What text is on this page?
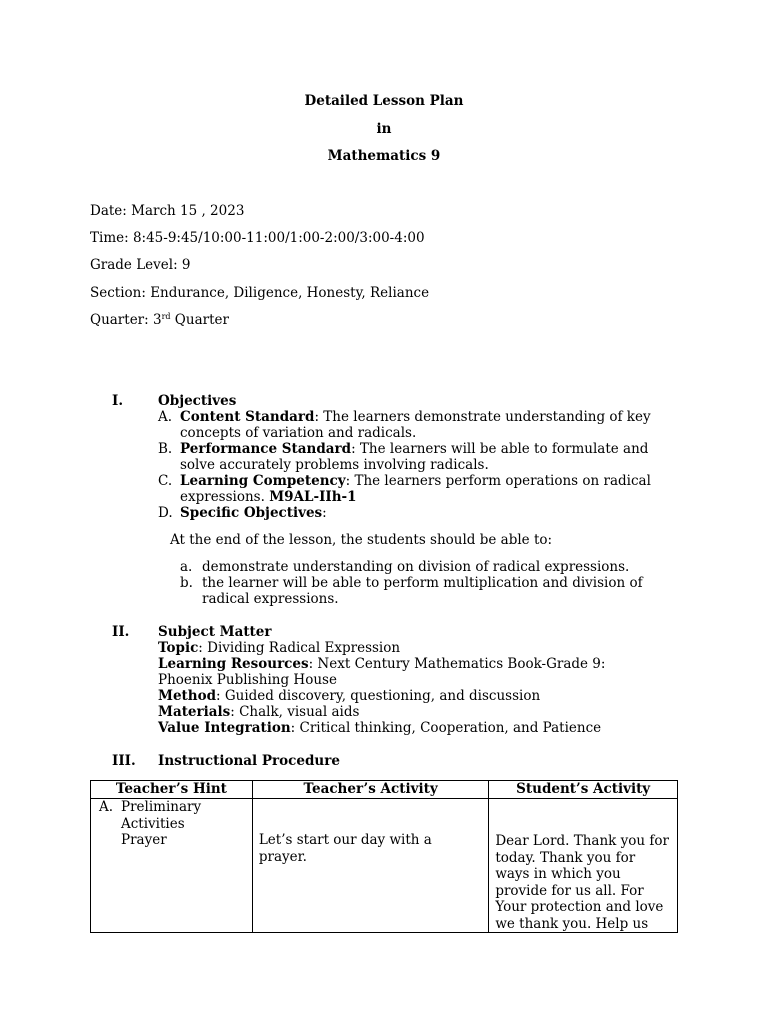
Detailed Lesson Plan
in
Mathematics 9
Date: March 15 , 2023
Time: 8:45-9:45/10:00-11:00/1:00-2:00/3:00-4:00
Grade Level: 9
Section: Endurance, Diligence, Honesty, Reliance
Quarter: 3rd Quarter
I.	Objectives
A. Content Standard: The learners demonstrate understanding of key concepts of variation and radicals.
B. Performance Standard: The learners will be able to formulate and solve accurately problems involving radicals.
C. Learning Competency: The learners perform operations on radical expressions. M9AL-IIh-1
D. Specific Objectives:
At the end of the lesson, the students should be able to:
a. demonstrate understanding on division of radical expressions.
b. the learner will be able to perform multiplication and division of radical expressions.
II. Subject Matter
Topic: Dividing Radical Expression
Learning Resources: Next Century Mathematics Book-Grade 9: Phoenix Publishing House
Method: Guided discovery, questioning, and discussion
Materials: Chalk, visual aids
Value Integration: Critical thinking, Cooperation, and Patience
III. Instructional Procedure
Teacher’s Hint	Teacher’s Activity	Student’s Activity

A. Preliminary
Activities
Prayer	Let’s start our day with a prayer.	Dear Lord. Thank you for today. Thank you for ways in which you provide for us all. For Your protection and love we thank you. Help us
